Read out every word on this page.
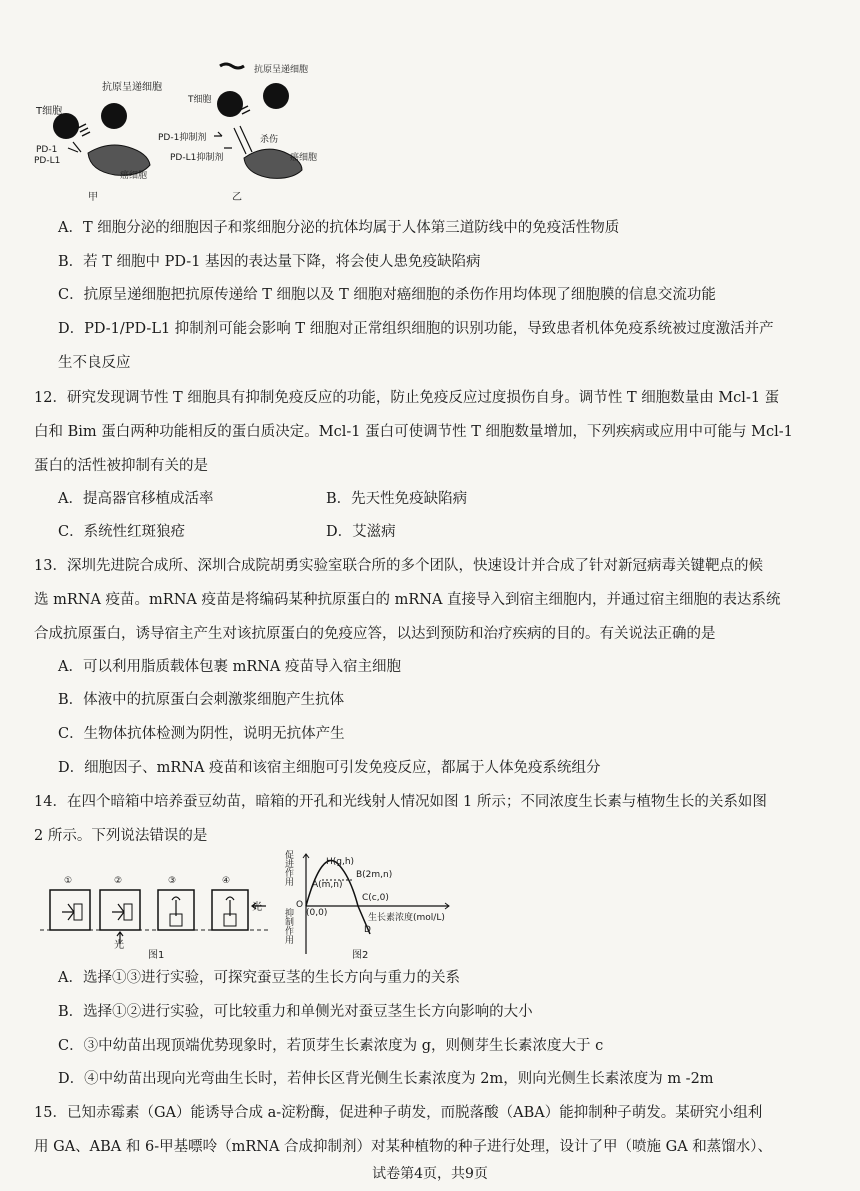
抗原呈递细胞
T细胞
PD-1
PD-L1
癌细胞
甲
抗原呈递细胞
T细胞
PD-1抑制剂
PD-L1抑制剂
杀伤
癌细胞
乙
A．T 细胞分泌的细胞因子和浆细胞分泌的抗体均属于人体第三道防线中的免疫活性物质
B．若 T 细胞中 PD-1 基因的表达量下降，将会使人患免疫缺陷病
C．抗原呈递细胞把抗原传递给 T 细胞以及 T 细胞对癌细胞的杀伤作用均体现了细胞膜的信息交流功能
D．PD-1/PD-L1 抑制剂可能会影响 T 细胞对正常组织细胞的识别功能，导致患者机体免疫系统被过度激活并产
生不良反应
12．研究发现调节性 T 细胞具有抑制免疫反应的功能，防止免疫反应过度损伤自身。调节性 T 细胞数量由 Mcl-1 蛋
白和 Bim 蛋白两种功能相反的蛋白质决定。Mcl-1 蛋白可使调节性 T 细胞数量增加，下列疾病或应用中可能与 Mcl-1
蛋白的活性被抑制有关的是
A．提高器官移植成活率	B．先天性免疫缺陷病
C．系统性红斑狼疮	D．艾滋病
13．深圳先进院合成所、深圳合成院胡勇实验室联合所的多个团队，快速设计并合成了针对新冠病毒关键靶点的候
选 mRNA 疫苗。mRNA 疫苗是将编码某种抗原蛋白的 mRNA 直接导入到宿主细胞内，并通过宿主细胞的表达系统
合成抗原蛋白，诱导宿主产生对该抗原蛋白的免疫应答，以达到预防和治疗疾病的目的。有关说法正确的是
A．可以利用脂质载体包裹 mRNA 疫苗导入宿主细胞
B．体液中的抗原蛋白会刺激浆细胞产生抗体
C．生物体抗体检测为阴性，说明无抗体产生
D．细胞因子、mRNA 疫苗和该宿主细胞可引发免疫反应，都属于人体免疫系统组分
14．在四个暗箱中培养蚕豆幼苗，暗箱的开孔和光线射人情况如图 1 所示；不同浓度生长素与植物生长的关系如图
2 所示。下列说法错误的是
①	②	③	④
光
光
图1
促进作用
抑制作用
O
(0,0)
H(g,h)
A(m,n)
B(2m,n)
C(c,0)
D
生长素浓度(mol/L)
图2
A．选择①③进行实验，可探究蚕豆茎的生长方向与重力的关系
B．选择①②进行实验，可比较重力和单侧光对蚕豆茎生长方向影响的大小
C．③中幼苗出现顶端优势现象时，若顶芽生长素浓度为 g，则侧芽生长素浓度大于 c
D．④中幼苗出现向光弯曲生长时，若伸长区背光侧生长素浓度为 2m，则向光侧生长素浓度为 m -2m
15．已知赤霉素（GA）能诱导合成 a-淀粉酶，促进种子萌发，而脱落酸（ABA）能抑制种子萌发。某研究小组利
用 GA、ABA 和 6-甲基嘌呤（mRNA 合成抑制剂）对某种植物的种子进行处理，设计了甲（喷施 GA 和蒸馏水）、
试卷第4页，共9页
